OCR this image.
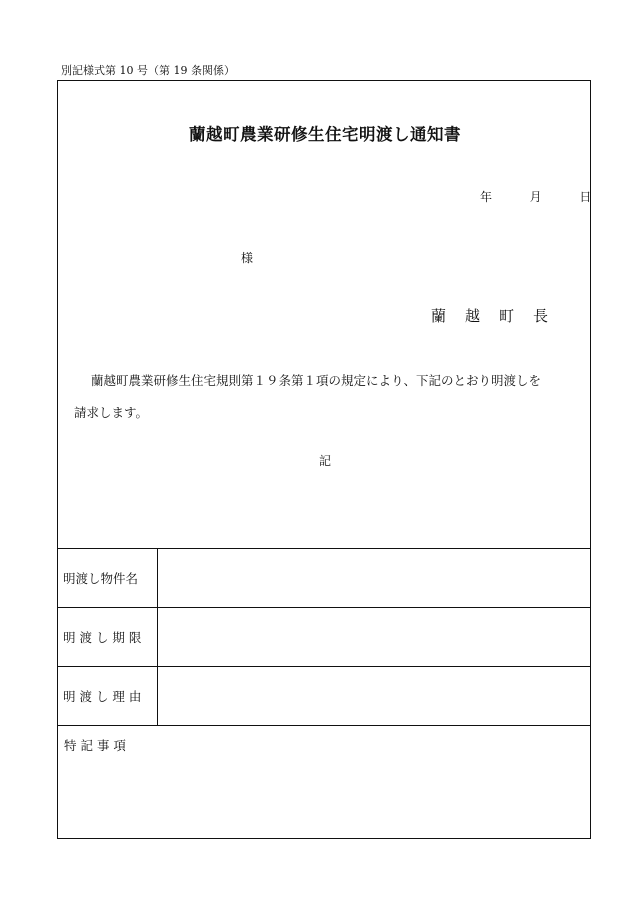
別記様式第 10 号（第 19 条関係）
蘭越町農業研修生住宅明渡し通知書
年	月	日
様
蘭　越　町　長
蘭越町農業研修生住宅規則第１９条第１項の規定により、下記のとおり明渡しを
請求します。
記
明渡し物件名	
明 渡 し 期 限	
明 渡 し 理 由	
特 記 事 項
